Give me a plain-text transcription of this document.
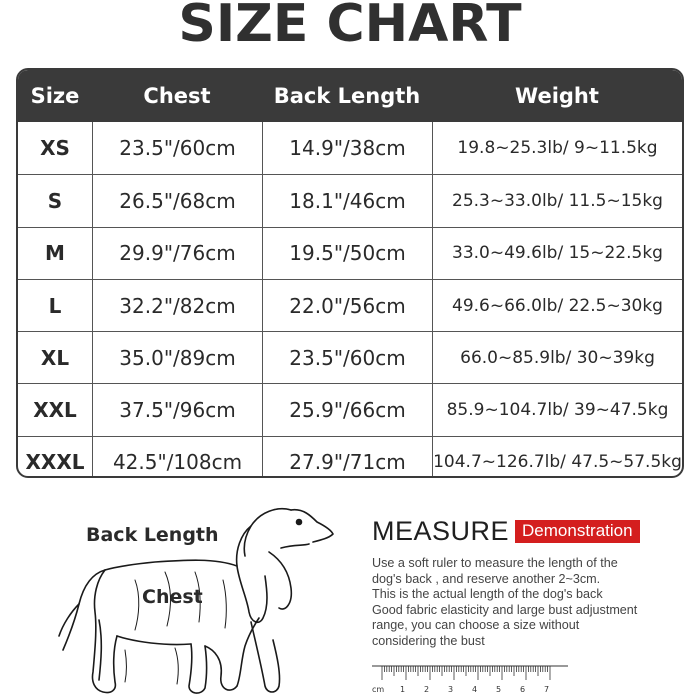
SIZE CHART
Size	Chest	Back Length	Weight
XS	23.5"/60cm	14.9"/38cm	19.8~25.3lb/ 9~11.5kg
S	26.5"/68cm	18.1"/46cm	25.3~33.0lb/ 11.5~15kg
M	29.9"/76cm	19.5"/50cm	33.0~49.6lb/ 15~22.5kg
L	32.2"/82cm	22.0"/56cm	49.6~66.0lb/ 22.5~30kg
XL	35.0"/89cm	23.5"/60cm	66.0~85.9lb/ 30~39kg
XXL	37.5"/96cm	25.9"/66cm	85.9~104.7lb/ 39~47.5kg
XXXL	42.5"/108cm	27.9"/71cm	104.7~126.7lb/ 47.5~57.5kg
Back Length
Chest
MEASURE Demonstration
Use a soft ruler to measure the length of the
dog's back , and reserve another 2~3cm.
This is the actual length of the dog's back
Good fabric elasticity and large bust adjustment
range, you can choose a size without
considering the bust
cm 1 2 3 4 5 6 7
